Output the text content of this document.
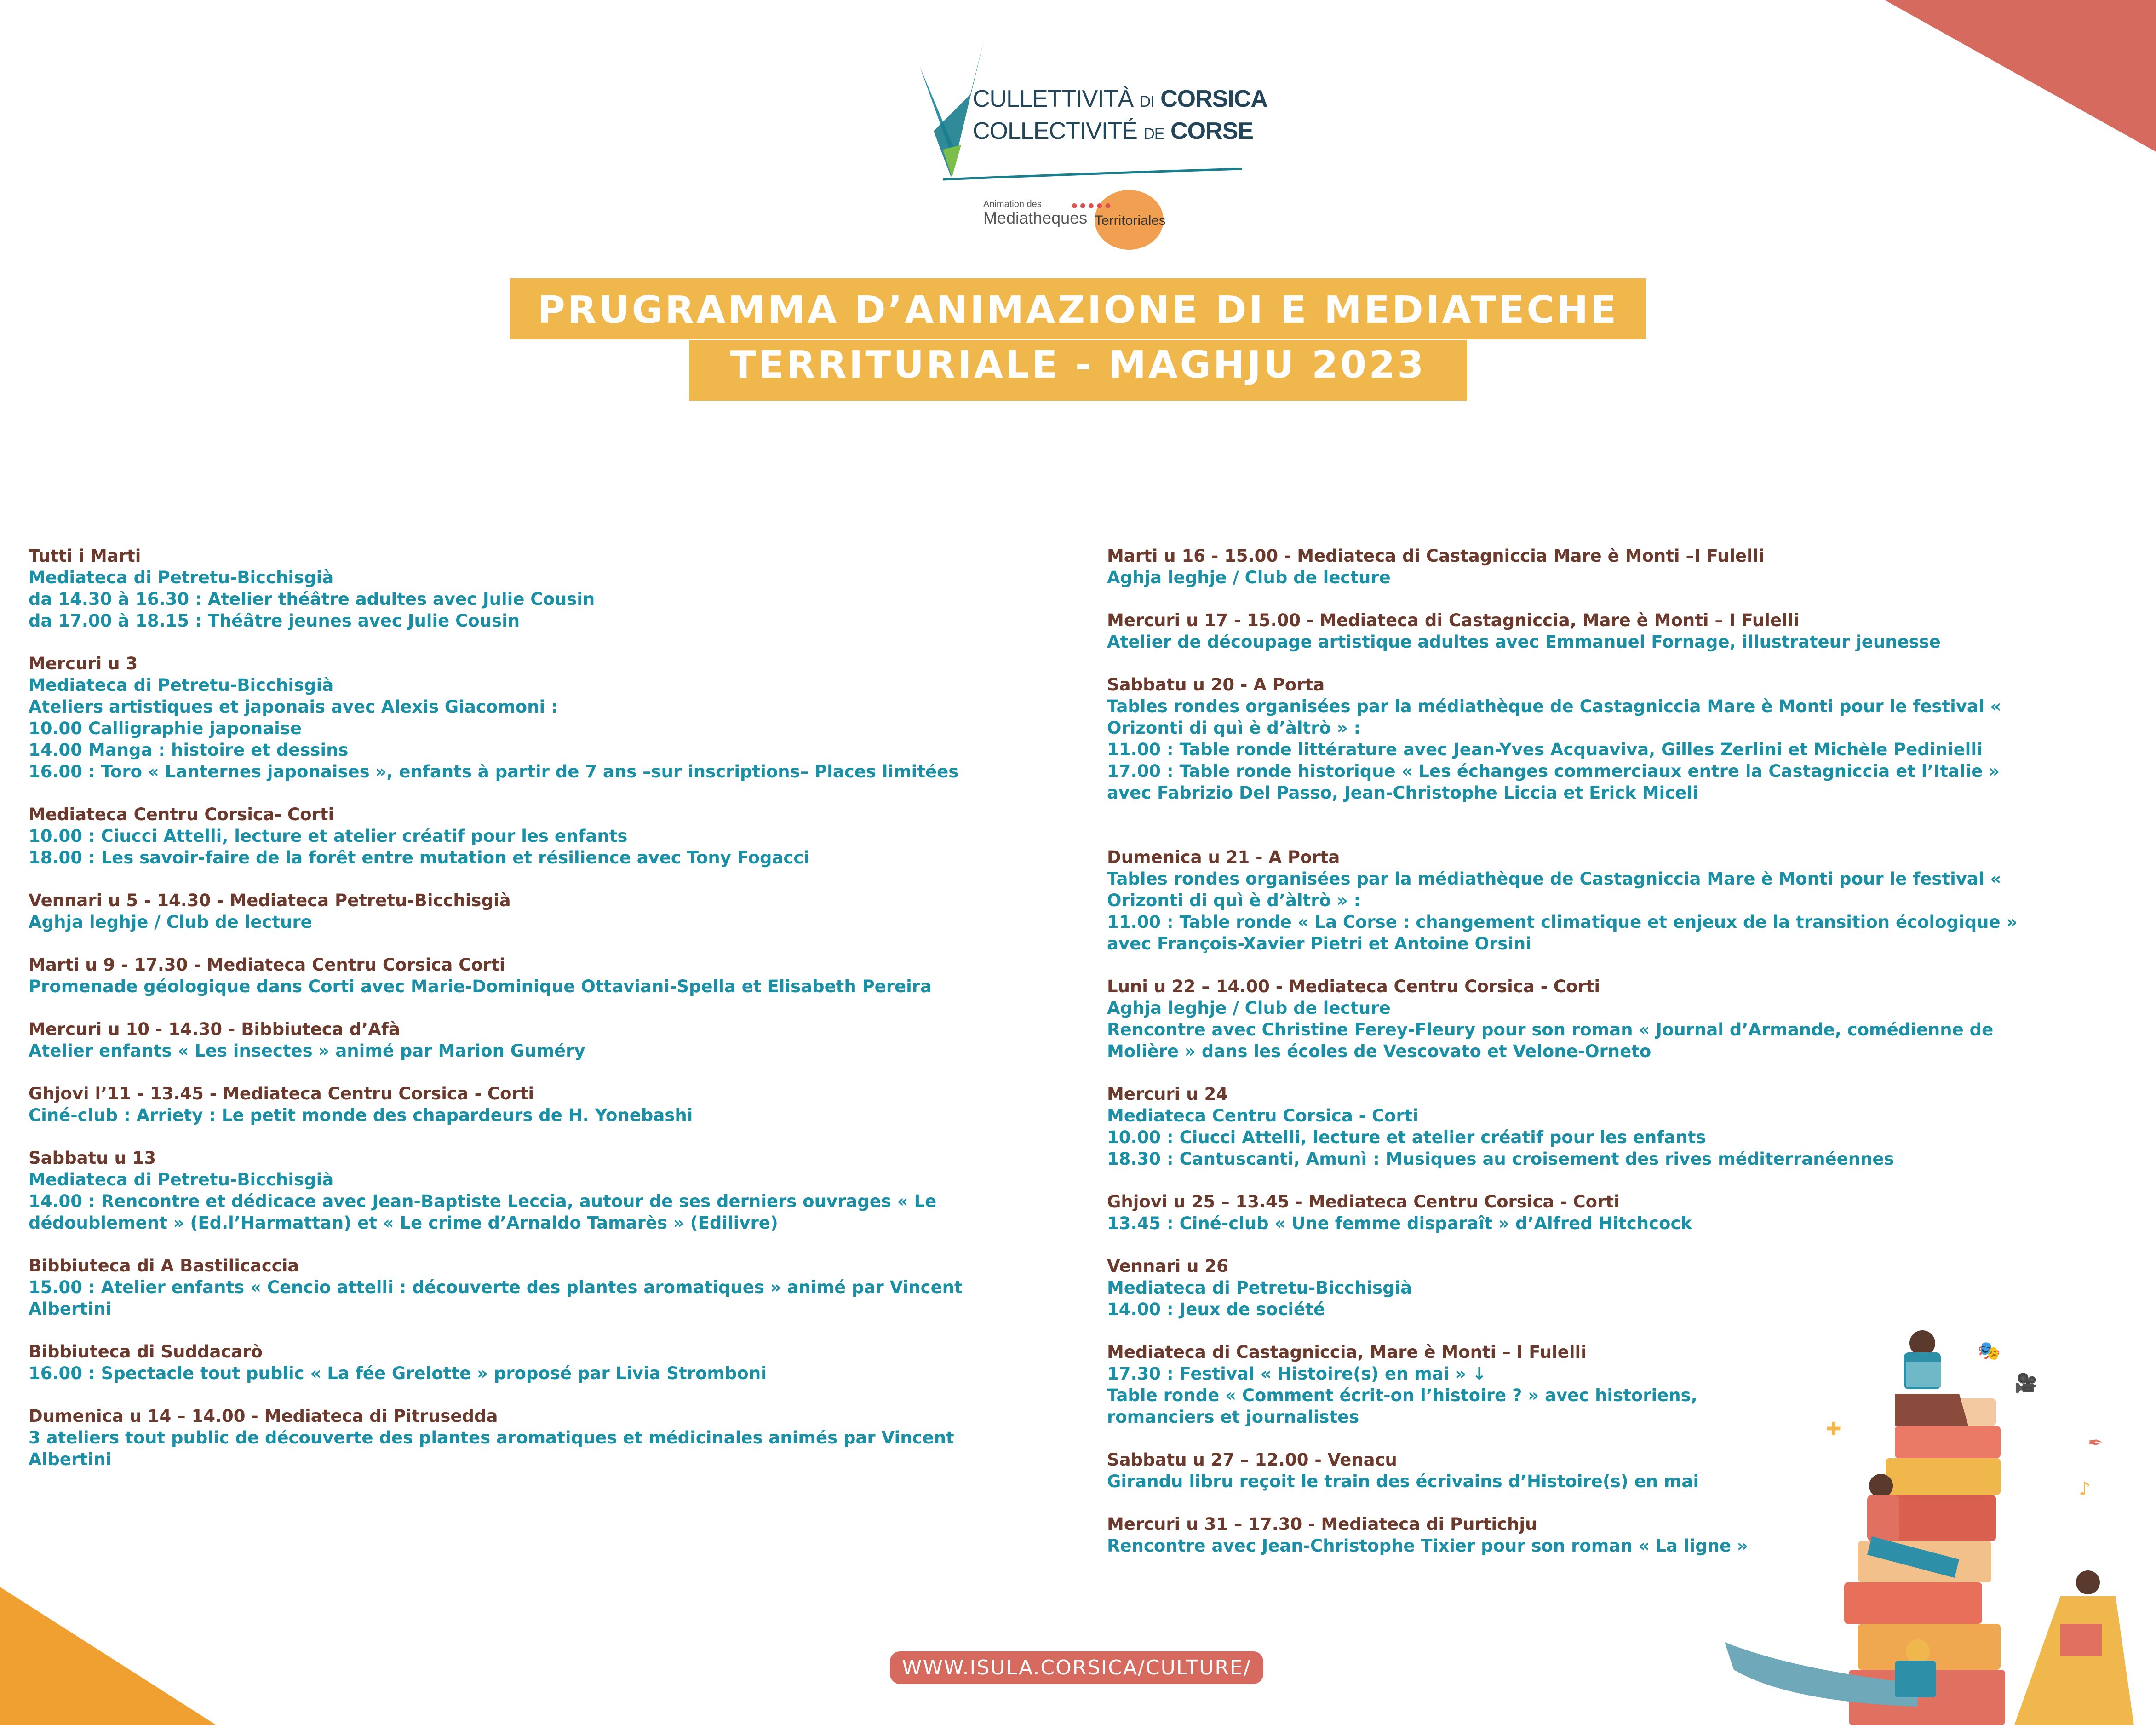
CULLETTIVITÀ DI CORSICA
COLLECTIVITÉ DE CORSE
Animation des	●●●●●
Mediatheques Territoriales
PRUGRAMMA D’ANIMAZIONE DI E MEDIATECHE
TERRITURIALE - MAGHJU 2023
Tutti i Marti
Mediateca di Petretu-Bicchisgià
da 14.30 à 16.30 : Atelier théâtre adultes avec Julie Cousin
da 17.00 à 18.15 : Théâtre jeunes avec Julie Cousin
Mercuri u 3
Mediateca di Petretu-Bicchisgià
Ateliers artistiques et japonais avec Alexis Giacomoni :
10.00 Calligraphie japonaise
14.00 Manga : histoire et dessins
16.00 : Toro « Lanternes japonaises », enfants à partir de 7 ans –sur inscriptions– Places limitées
Mediateca Centru Corsica- Corti
10.00 : Ciucci Attelli, lecture et atelier créatif pour les enfants
18.00 : Les savoir-faire de la forêt entre mutation et résilience avec Tony Fogacci
Vennari u 5 - 14.30 - Mediateca Petretu-Bicchisgià
Aghja leghje / Club de lecture
Marti u 9 - 17.30 - Mediateca Centru Corsica Corti
Promenade géologique dans Corti avec Marie-Dominique Ottaviani-Spella et Elisabeth Pereira
Mercuri u 10 - 14.30 - Bibbiuteca d’Afà
Atelier enfants « Les insectes » animé par Marion Guméry
Ghjovi l’11 - 13.45 - Mediateca Centru Corsica - Corti
Ciné-club : Arriety : Le petit monde des chapardeurs de H. Yonebashi
Sabbatu u 13
Mediateca di Petretu-Bicchisgià
14.00 : Rencontre et dédicace avec Jean-Baptiste Leccia, autour de ses derniers ouvrages « Le
dédoublement » (Ed.l’Harmattan) et « Le crime d’Arnaldo Tamarès » (Edilivre)
Bibbiuteca di A Bastilicaccia
15.00 : Atelier enfants « Cencio attelli : découverte des plantes aromatiques » animé par Vincent
Albertini
Bibbiuteca di Suddacarò
16.00 : Spectacle tout public « La fée Grelotte » proposé par Livia Stromboni
Dumenica u 14 – 14.00 - Mediateca di Pitrusedda
3 ateliers tout public de découverte des plantes aromatiques et médicinales animés par Vincent
Albertini
Marti u 16 - 15.00 - Mediateca di Castagniccia Mare è Monti –I Fulelli
Aghja leghje / Club de lecture
Mercuri u 17 - 15.00 - Mediateca di Castagniccia, Mare è Monti – I Fulelli
Atelier de découpage artistique adultes avec Emmanuel Fornage, illustrateur jeunesse
Sabbatu u 20 - A Porta
Tables rondes organisées par la médiathèque de Castagniccia Mare è Monti pour le festival «
Orizonti di quì è d’àltrò » :
11.00 : Table ronde littérature avec Jean-Yves Acquaviva, Gilles Zerlini et Michèle Pedinielli
17.00 : Table ronde historique « Les échanges commerciaux entre la Castagniccia et l’Italie »
avec Fabrizio Del Passo, Jean-Christophe Liccia et Erick Miceli
Dumenica u 21 - A Porta
Tables rondes organisées par la médiathèque de Castagniccia Mare è Monti pour le festival «
Orizonti di quì è d’àltrò » :
11.00 : Table ronde « La Corse : changement climatique et enjeux de la transition écologique »
avec François-Xavier Pietri et Antoine Orsini
Luni u 22 – 14.00 - Mediateca Centru Corsica - Corti
Aghja leghje / Club de lecture
Rencontre avec Christine Ferey-Fleury pour son roman « Journal d’Armande, comédienne de
Molière » dans les écoles de Vescovato et Velone-Orneto
Mercuri u 24
Mediateca Centru Corsica - Corti
10.00 : Ciucci Attelli, lecture et atelier créatif pour les enfants
18.30 : Cantuscanti, Amunì : Musiques au croisement des rives méditerranéennes
Ghjovi u 25 – 13.45 - Mediateca Centru Corsica - Corti
13.45 : Ciné-club « Une femme disparaît » d’Alfred Hitchcock
Vennari u 26
Mediateca di Petretu-Bicchisgià
14.00 : Jeux de société
Mediateca di Castagniccia, Mare è Monti – I Fulelli
17.30 : Festival « Histoire(s) en mai » ↓
Table ronde « Comment écrit-on l’histoire ? » avec historiens,
romanciers et journalistes
Sabbatu u 27 – 12.00 - Venacu
Girandu libru reçoit le train des écrivains d’Histoire(s) en mai
Mercuri u 31 – 17.30 - Mediateca di Purtichju
Rencontre avec Jean-Christophe Tixier pour son roman « La ligne »
WWW.ISULA.CORSICA/CULTURE/
🎭
🎥
✒
♪
✚
